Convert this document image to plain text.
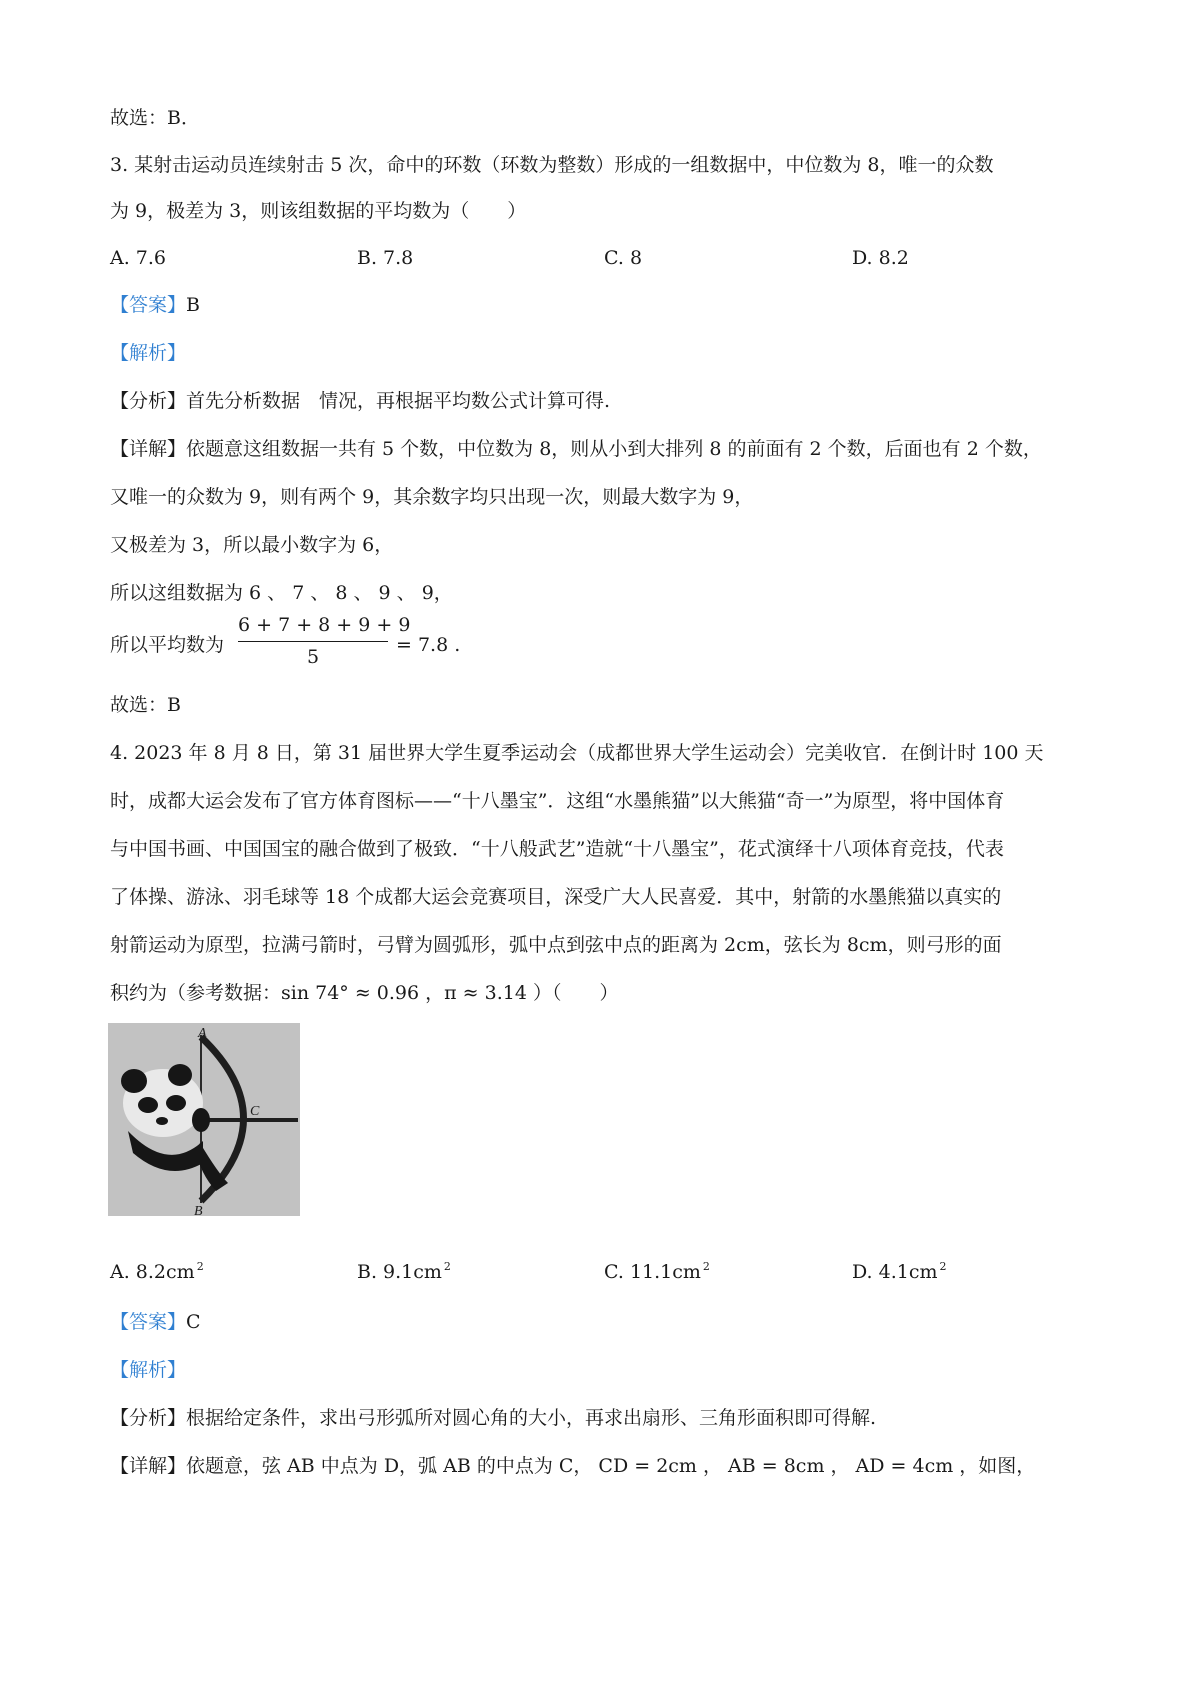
故选：B．
3. 某射击运动员连续射击 5 次，命中的环数（环数为整数）形成的一组数据中，中位数为 8，唯一的众数
为 9，极差为 3，则该组数据的平均数为（　　）
A. 7.6	B. 7.8	C. 8	D. 8.2
【答案】B
【解析】
【分析】首先分析数据　情况，再根据平均数公式计算可得.
【详解】依题意这组数据一共有 5 个数，中位数为 8，则从小到大排列 8 的前面有 2 个数，后面也有 2 个数，
又唯一的众数为 9，则有两个 9，其余数字均只出现一次，则最大数字为 9，
又极差为 3，所以最小数字为 6，
所以这组数据为 6 、 7 、 8 、 9 、 9，
所以平均数为
6 + 7 + 8 + 9 + 9
5
= 7.8 .
故选：B
4. 2023 年 8 月 8 日，第 31 届世界大学生夏季运动会（成都世界大学生运动会）完美收官．在倒计时 100 天
时，成都大运会发布了官方体育图标——“十八墨宝”．这组“水墨熊猫”以大熊猫“奇一”为原型，将中国体育
与中国书画、中国国宝的融合做到了极致．“十八般武艺”造就“十八墨宝”，花式演绎十八项体育竞技，代表
了体操、游泳、羽毛球等 18 个成都大运会竞赛项目，深受广大人民喜爱．其中，射箭的水墨熊猫以真实的
射箭运动为原型，拉满弓箭时，弓臂为圆弧形，弧中点到弦中点的距离为 2cm，弦长为 8cm，则弓形的面
积约为（参考数据：sin 74° ≈ 0.96 ，π ≈ 3.14 ）（　　）
A
C
B
A. 8.2cm $^2$	B. 9.1cm $^2$	C. 11.1cm $^2$	D. 4.1cm $^2$
【答案】C
【解析】
【分析】根据给定条件，求出弓形弧所对圆心角的大小，再求出扇形、三角形面积即可得解.
【详解】依题意，弦 AB 中点为 D，弧 AB 的中点为 C， CD = 2cm ， AB = 8cm ， AD = 4cm ，如图，
